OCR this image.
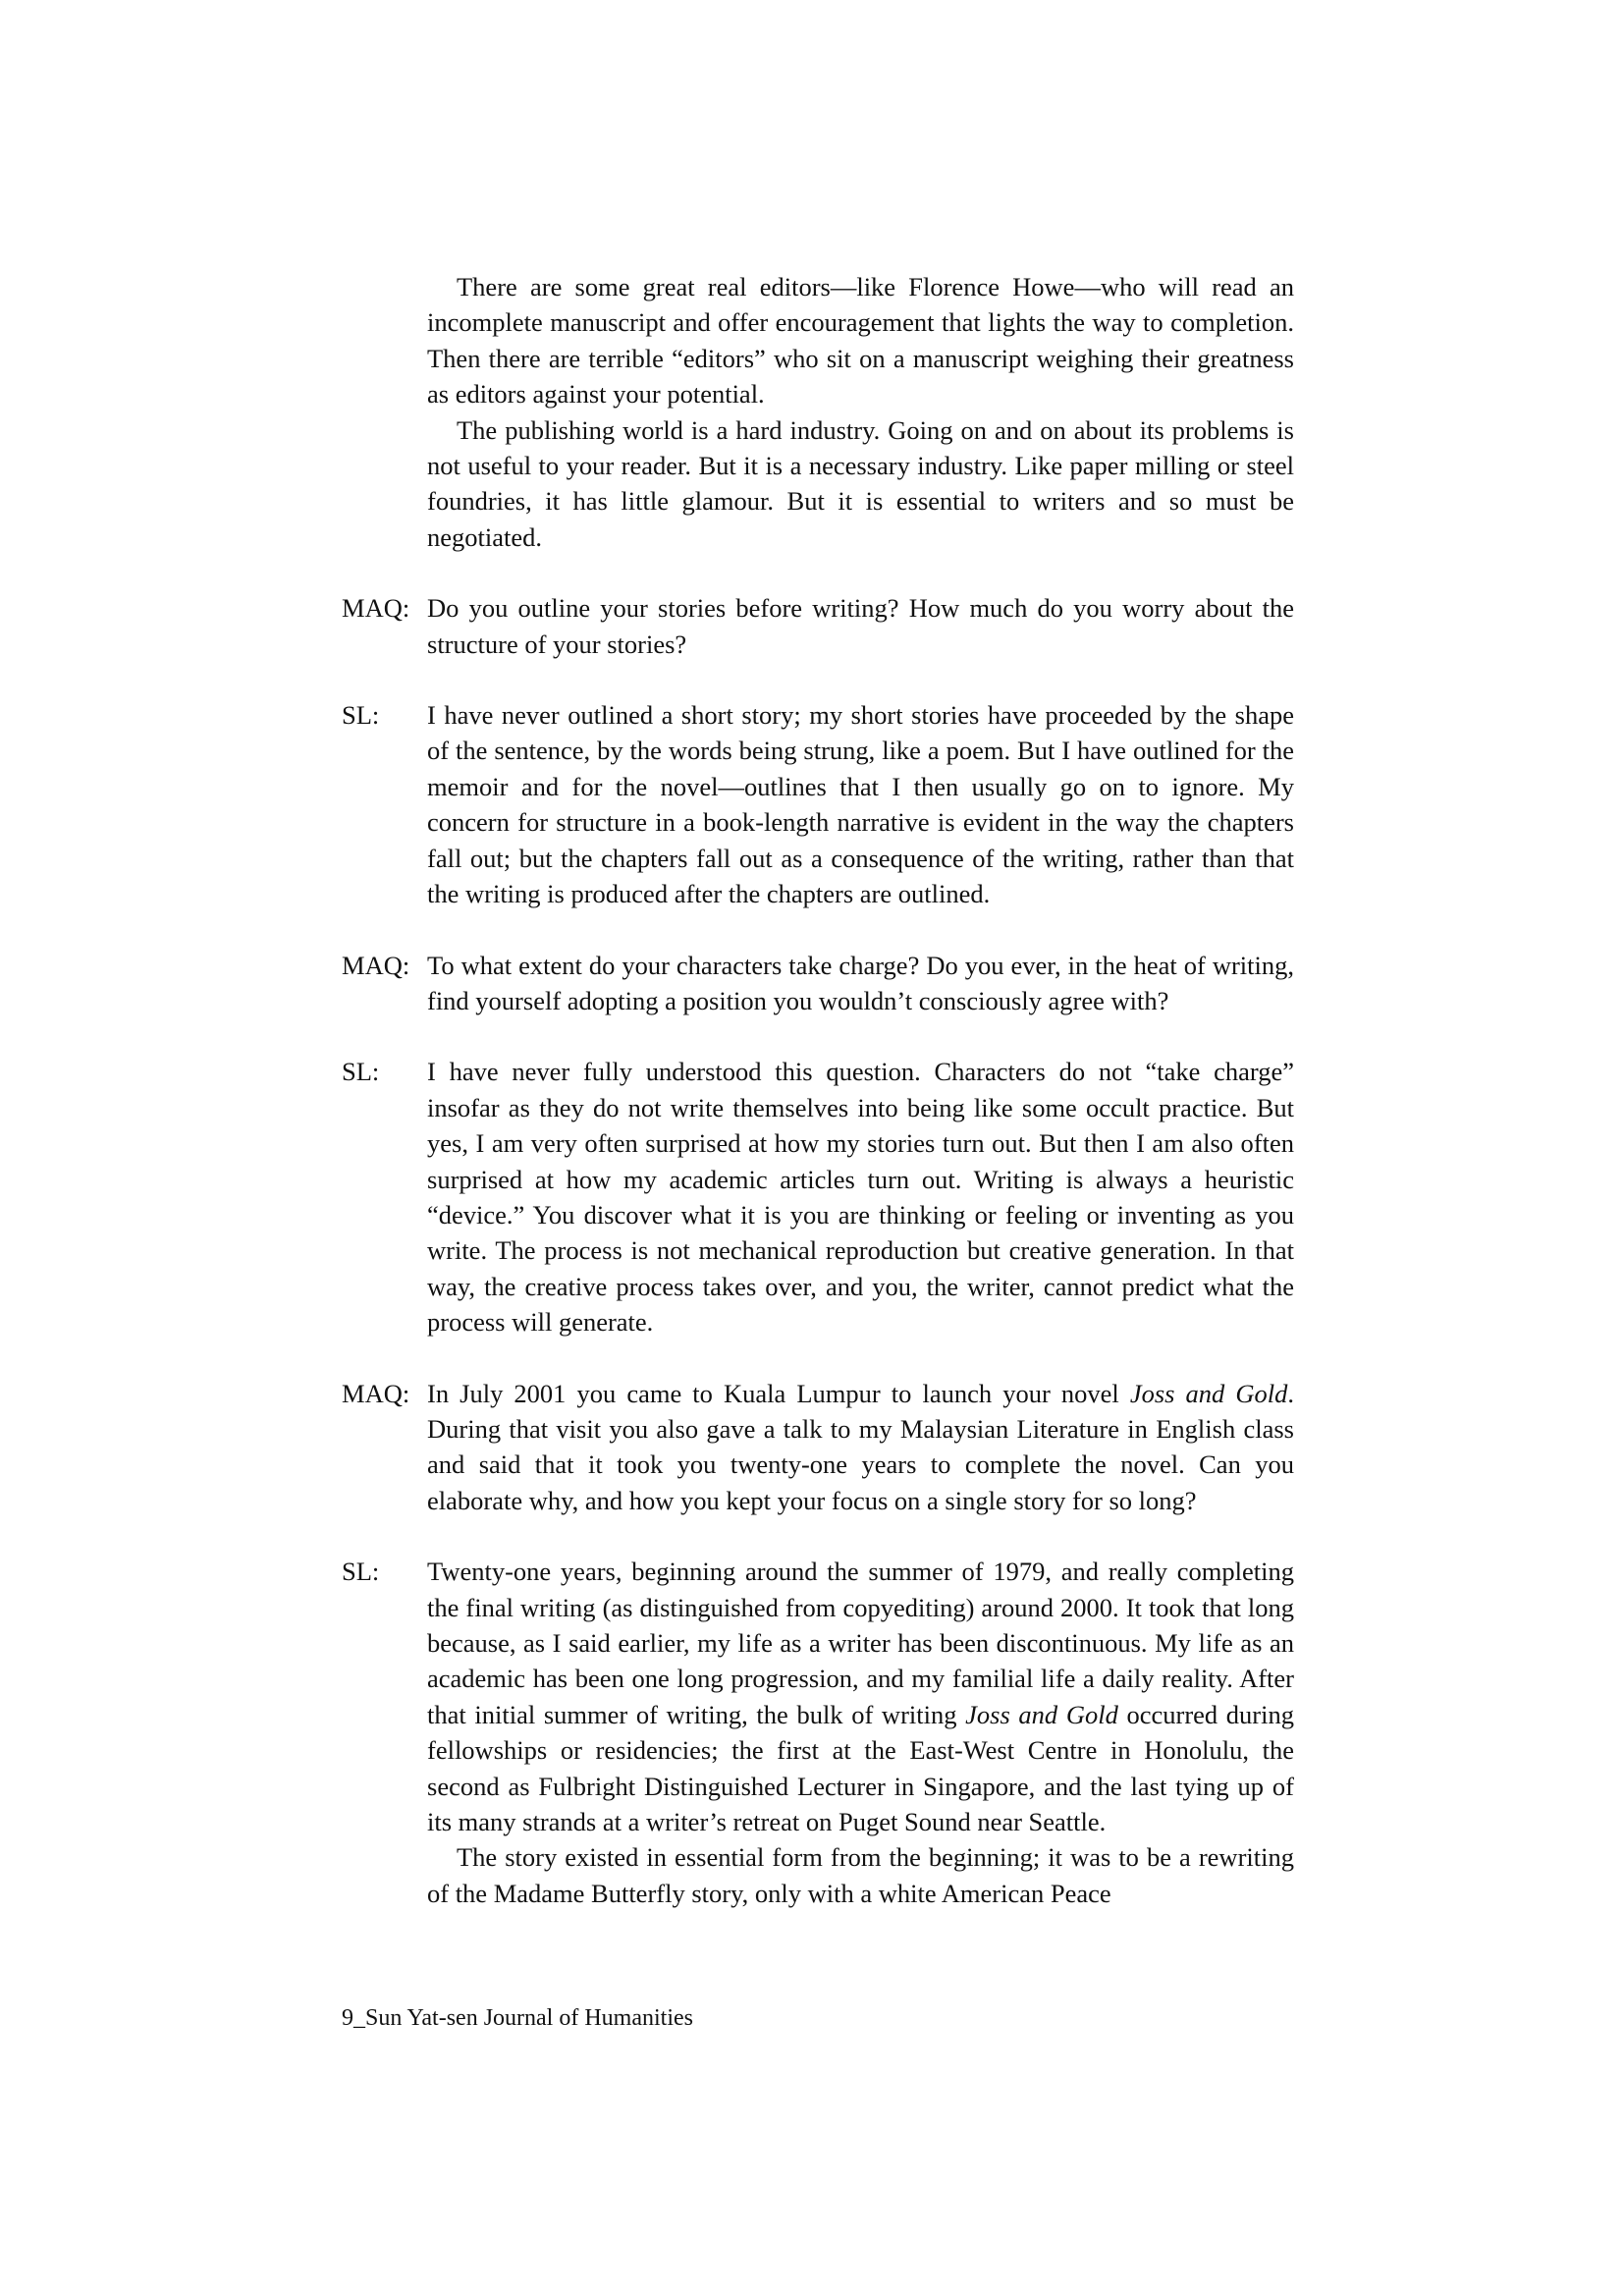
There are some great real editors—like Florence Howe—who will read an incomplete manuscript and offer encouragement that lights the way to completion. Then there are terrible “editors” who sit on a manuscript weighing their greatness as editors against your potential.

The publishing world is a hard industry. Going on and on about its problems is not useful to your reader. But it is a necessary industry. Like paper milling or steel foundries, it has little glamour. But it is essential to writers and so must be negotiated.

MAQ: Do you outline your stories before writing? How much do you worry about the structure of your stories?

SL:	I have never outlined a short story; my short stories have proceeded by the shape of the sentence, by the words being strung, like a poem. But I have outlined for the memoir and for the novel—outlines that I then usually go on to ignore. My concern for structure in a book-length narrative is evident in the way the chapters fall out; but the chapters fall out as a consequence of the writing, rather than that the writing is produced after the chapters are outlined.

MAQ: To what extent do your characters take charge? Do you ever, in the heat of writing, find yourself adopting a position you wouldn’t consciously agree with?

SL:	I have never fully understood this question. Characters do not “take charge” insofar as they do not write themselves into being like some occult practice. But yes, I am very often surprised at how my stories turn out. But then I am also often surprised at how my academic articles turn out. Writing is always a heuristic “device.” You discover what it is you are thinking or feeling or inventing as you write. The process is not mechanical reproduction but creative generation. In that way, the creative process takes over, and you, the writer, cannot predict what the process will generate.

MAQ: In July 2001 you came to Kuala Lumpur to launch your novel Joss and Gold. During that visit you also gave a talk to my Malaysian Literature in English class and said that it took you twenty-one years to complete the novel. Can you elaborate why, and how you kept your focus on a single story for so long?

SL:	Twenty-one years, beginning around the summer of 1979, and really completing the final writing (as distinguished from copyediting) around 2000. It took that long because, as I said earlier, my life as a writer has been discontinuous. My life as an academic has been one long progression, and my familial life a daily reality. After that initial summer of writing, the bulk of writing Joss and Gold occurred during fellowships or residencies; the first at the East-West Centre in Honolulu, the second as Fulbright Distinguished Lecturer in Singapore, and the last tying up of its many strands at a writer’s retreat on Puget Sound near Seattle.

The story existed in essential form from the beginning; it was to be a rewriting of the Madame Butterfly story, only with a white American Peace

9_Sun Yat-sen Journal of Humanities
